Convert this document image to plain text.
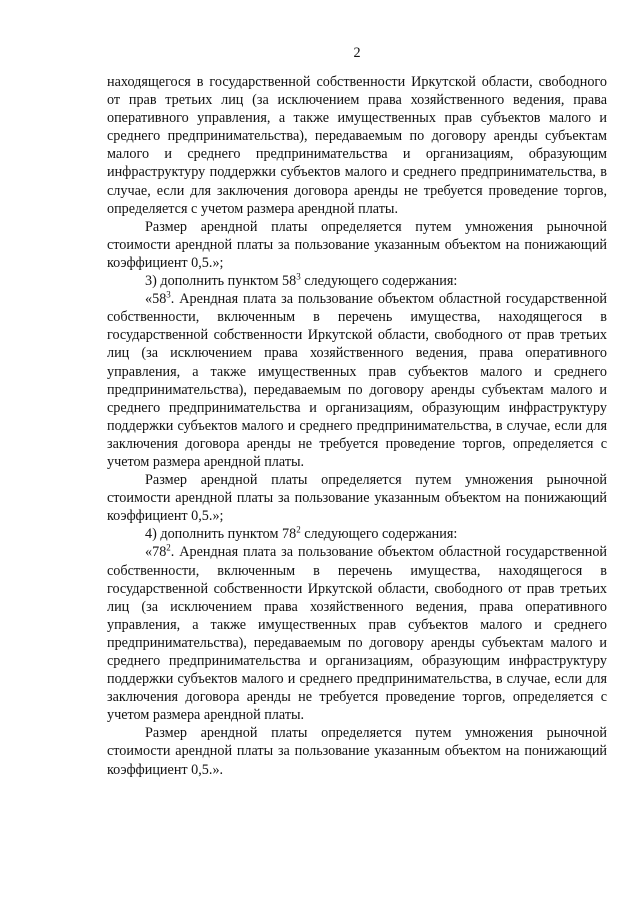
2

находящегося в государственной собственности Иркутской области, свободного от прав третьих лиц (за исключением права хозяйственного ведения, права оперативного управления, а также имущественных прав субъектов малого и среднего предпринимательства), передаваемым по договору аренды субъектам малого и среднего предпринимательства и организациям, образующим инфраструктуру поддержки субъектов малого и среднего предпринимательства, в случае, если для заключения договора аренды не требуется проведение торгов, определяется с учетом размера арендной платы.

Размер арендной платы определяется путем умножения рыночной стоимости арендной платы за пользование указанным объектом на понижающий коэффициент 0,5.»;

3) дополнить пунктом $58^3$ следующего содержания:

«$58^3$. Арендная плата за пользование объектом областной государственной собственности, включенным в перечень имущества, находящегося в государственной собственности Иркутской области, свободного от прав третьих лиц (за исключением права хозяйственного ведения, права оперативного управления, а также имущественных прав субъектов малого и среднего предпринимательства), передаваемым по договору аренды субъектам малого и среднего предпринимательства и организациям, образующим инфраструктуру поддержки субъектов малого и среднего предпринимательства, в случае, если для заключения договора аренды не требуется проведение торгов, определяется с учетом размера арендной платы.

Размер арендной платы определяется путем умножения рыночной стоимости арендной платы за пользование указанным объектом на понижающий коэффициент 0,5.»;

4) дополнить пунктом $78^2$ следующего содержания:

«$78^2$. Арендная плата за пользование объектом областной государственной собственности, включенным в перечень имущества, находящегося в государственной собственности Иркутской области, свободного от прав третьих лиц (за исключением права хозяйственного ведения, права оперативного управления, а также имущественных прав субъектов малого и среднего предпринимательства), передаваемым по договору аренды субъектам малого и среднего предпринимательства и организациям, образующим инфраструктуру поддержки субъектов малого и среднего предпринимательства, в случае, если для заключения договора аренды не требуется проведение торгов, определяется с учетом размера арендной платы.

Размер арендной платы определяется путем умножения рыночной стоимости арендной платы за пользование указанным объектом на понижающий коэффициент 0,5.».
